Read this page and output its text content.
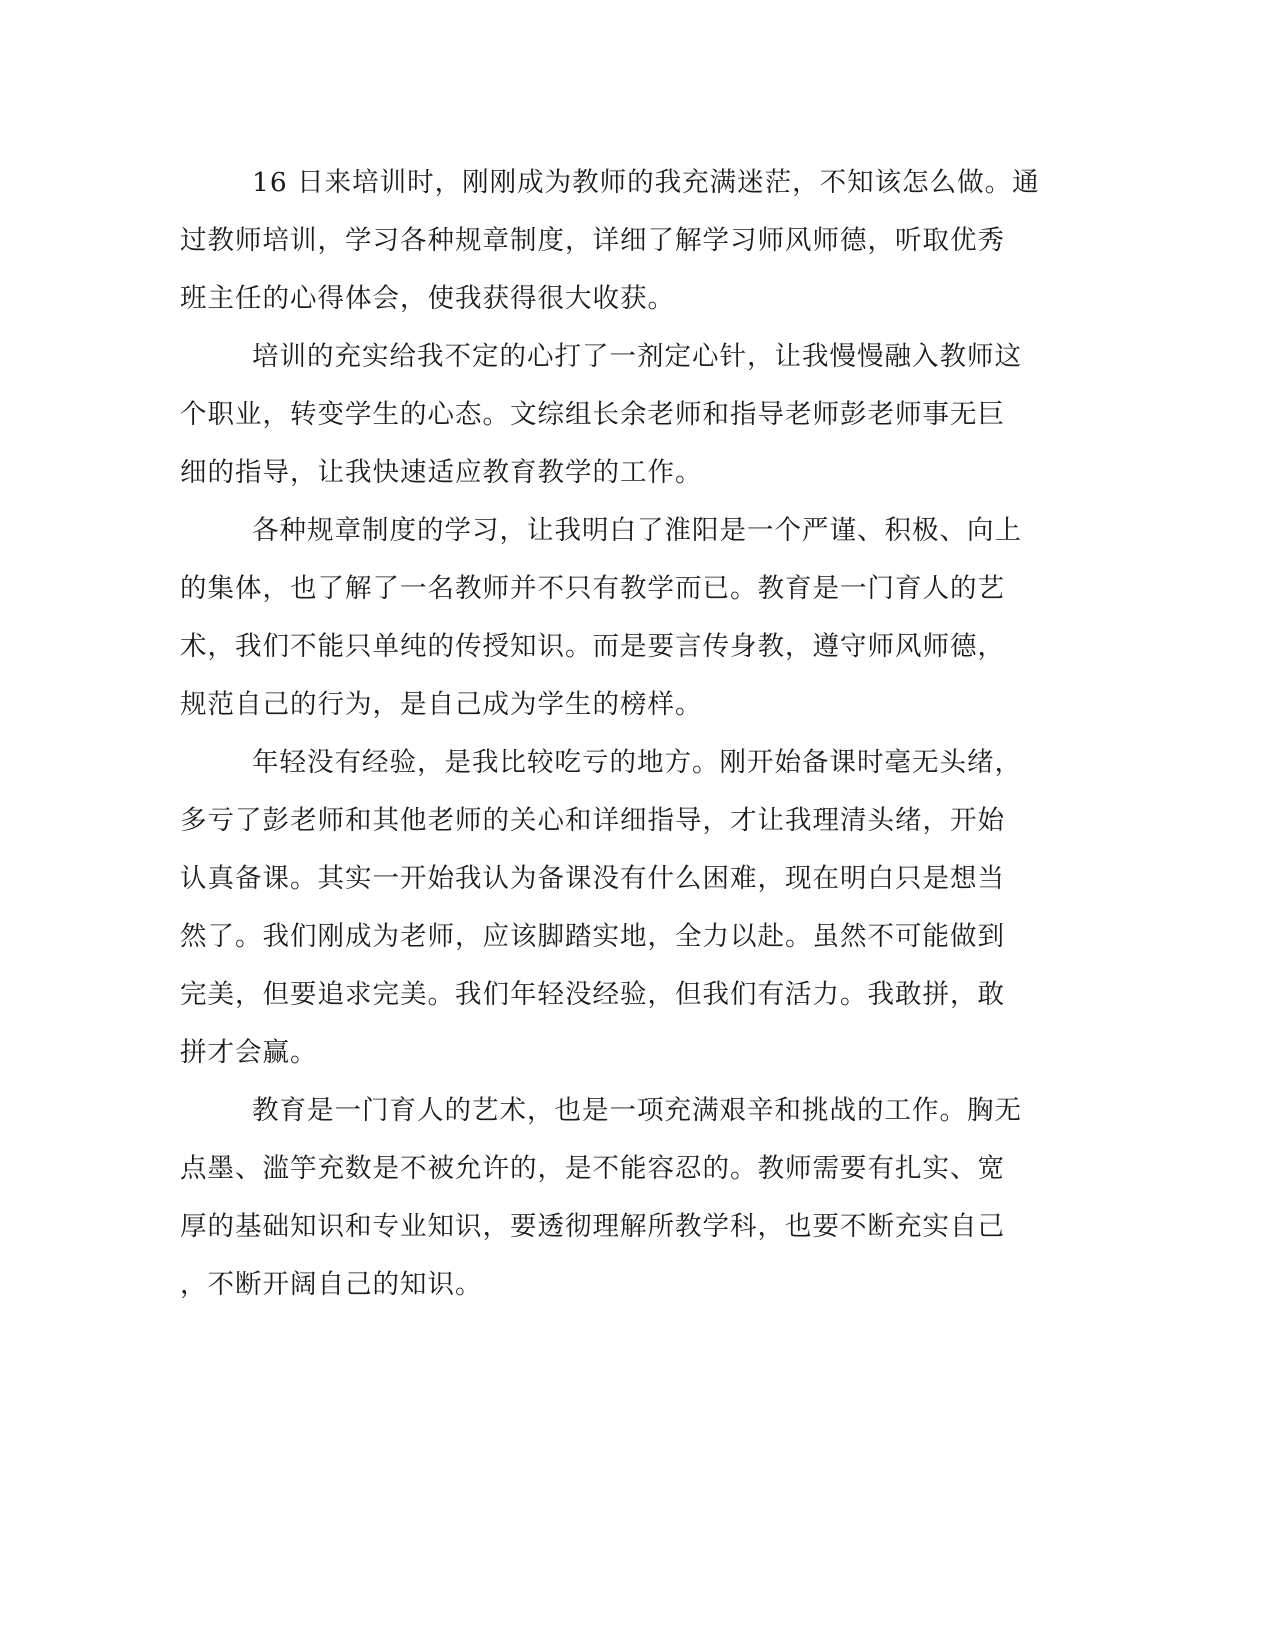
16 日来培训时，刚刚成为教师的我充满迷茫，不知该怎么做。通
过教师培训，学习各种规章制度，详细了解学习师风师德，听取优秀
班主任的心得体会，使我获得很大收获。
培训的充实给我不定的心打了一剂定心针，让我慢慢融入教师这
个职业，转变学生的心态。文综组长余老师和指导老师彭老师事无巨
细的指导，让我快速适应教育教学的工作。
各种规章制度的学习，让我明白了淮阳是一个严谨、积极、向上
的集体，也了解了一名教师并不只有教学而已。教育是一门育人的艺
术，我们不能只单纯的传授知识。而是要言传身教，遵守师风师德，
规范自己的行为，是自己成为学生的榜样。
年轻没有经验，是我比较吃亏的地方。刚开始备课时毫无头绪，
多亏了彭老师和其他老师的关心和详细指导，才让我理清头绪，开始
认真备课。其实一开始我认为备课没有什么困难，现在明白只是想当
然了。我们刚成为老师，应该脚踏实地，全力以赴。虽然不可能做到
完美，但要追求完美。我们年轻没经验，但我们有活力。我敢拼，敢
拼才会赢。
教育是一门育人的艺术，也是一项充满艰辛和挑战的工作。胸无
点墨、滥竽充数是不被允许的，是不能容忍的。教师需要有扎实、宽
厚的基础知识和专业知识，要透彻理解所教学科，也要不断充实自己
，不断开阔自己的知识。
